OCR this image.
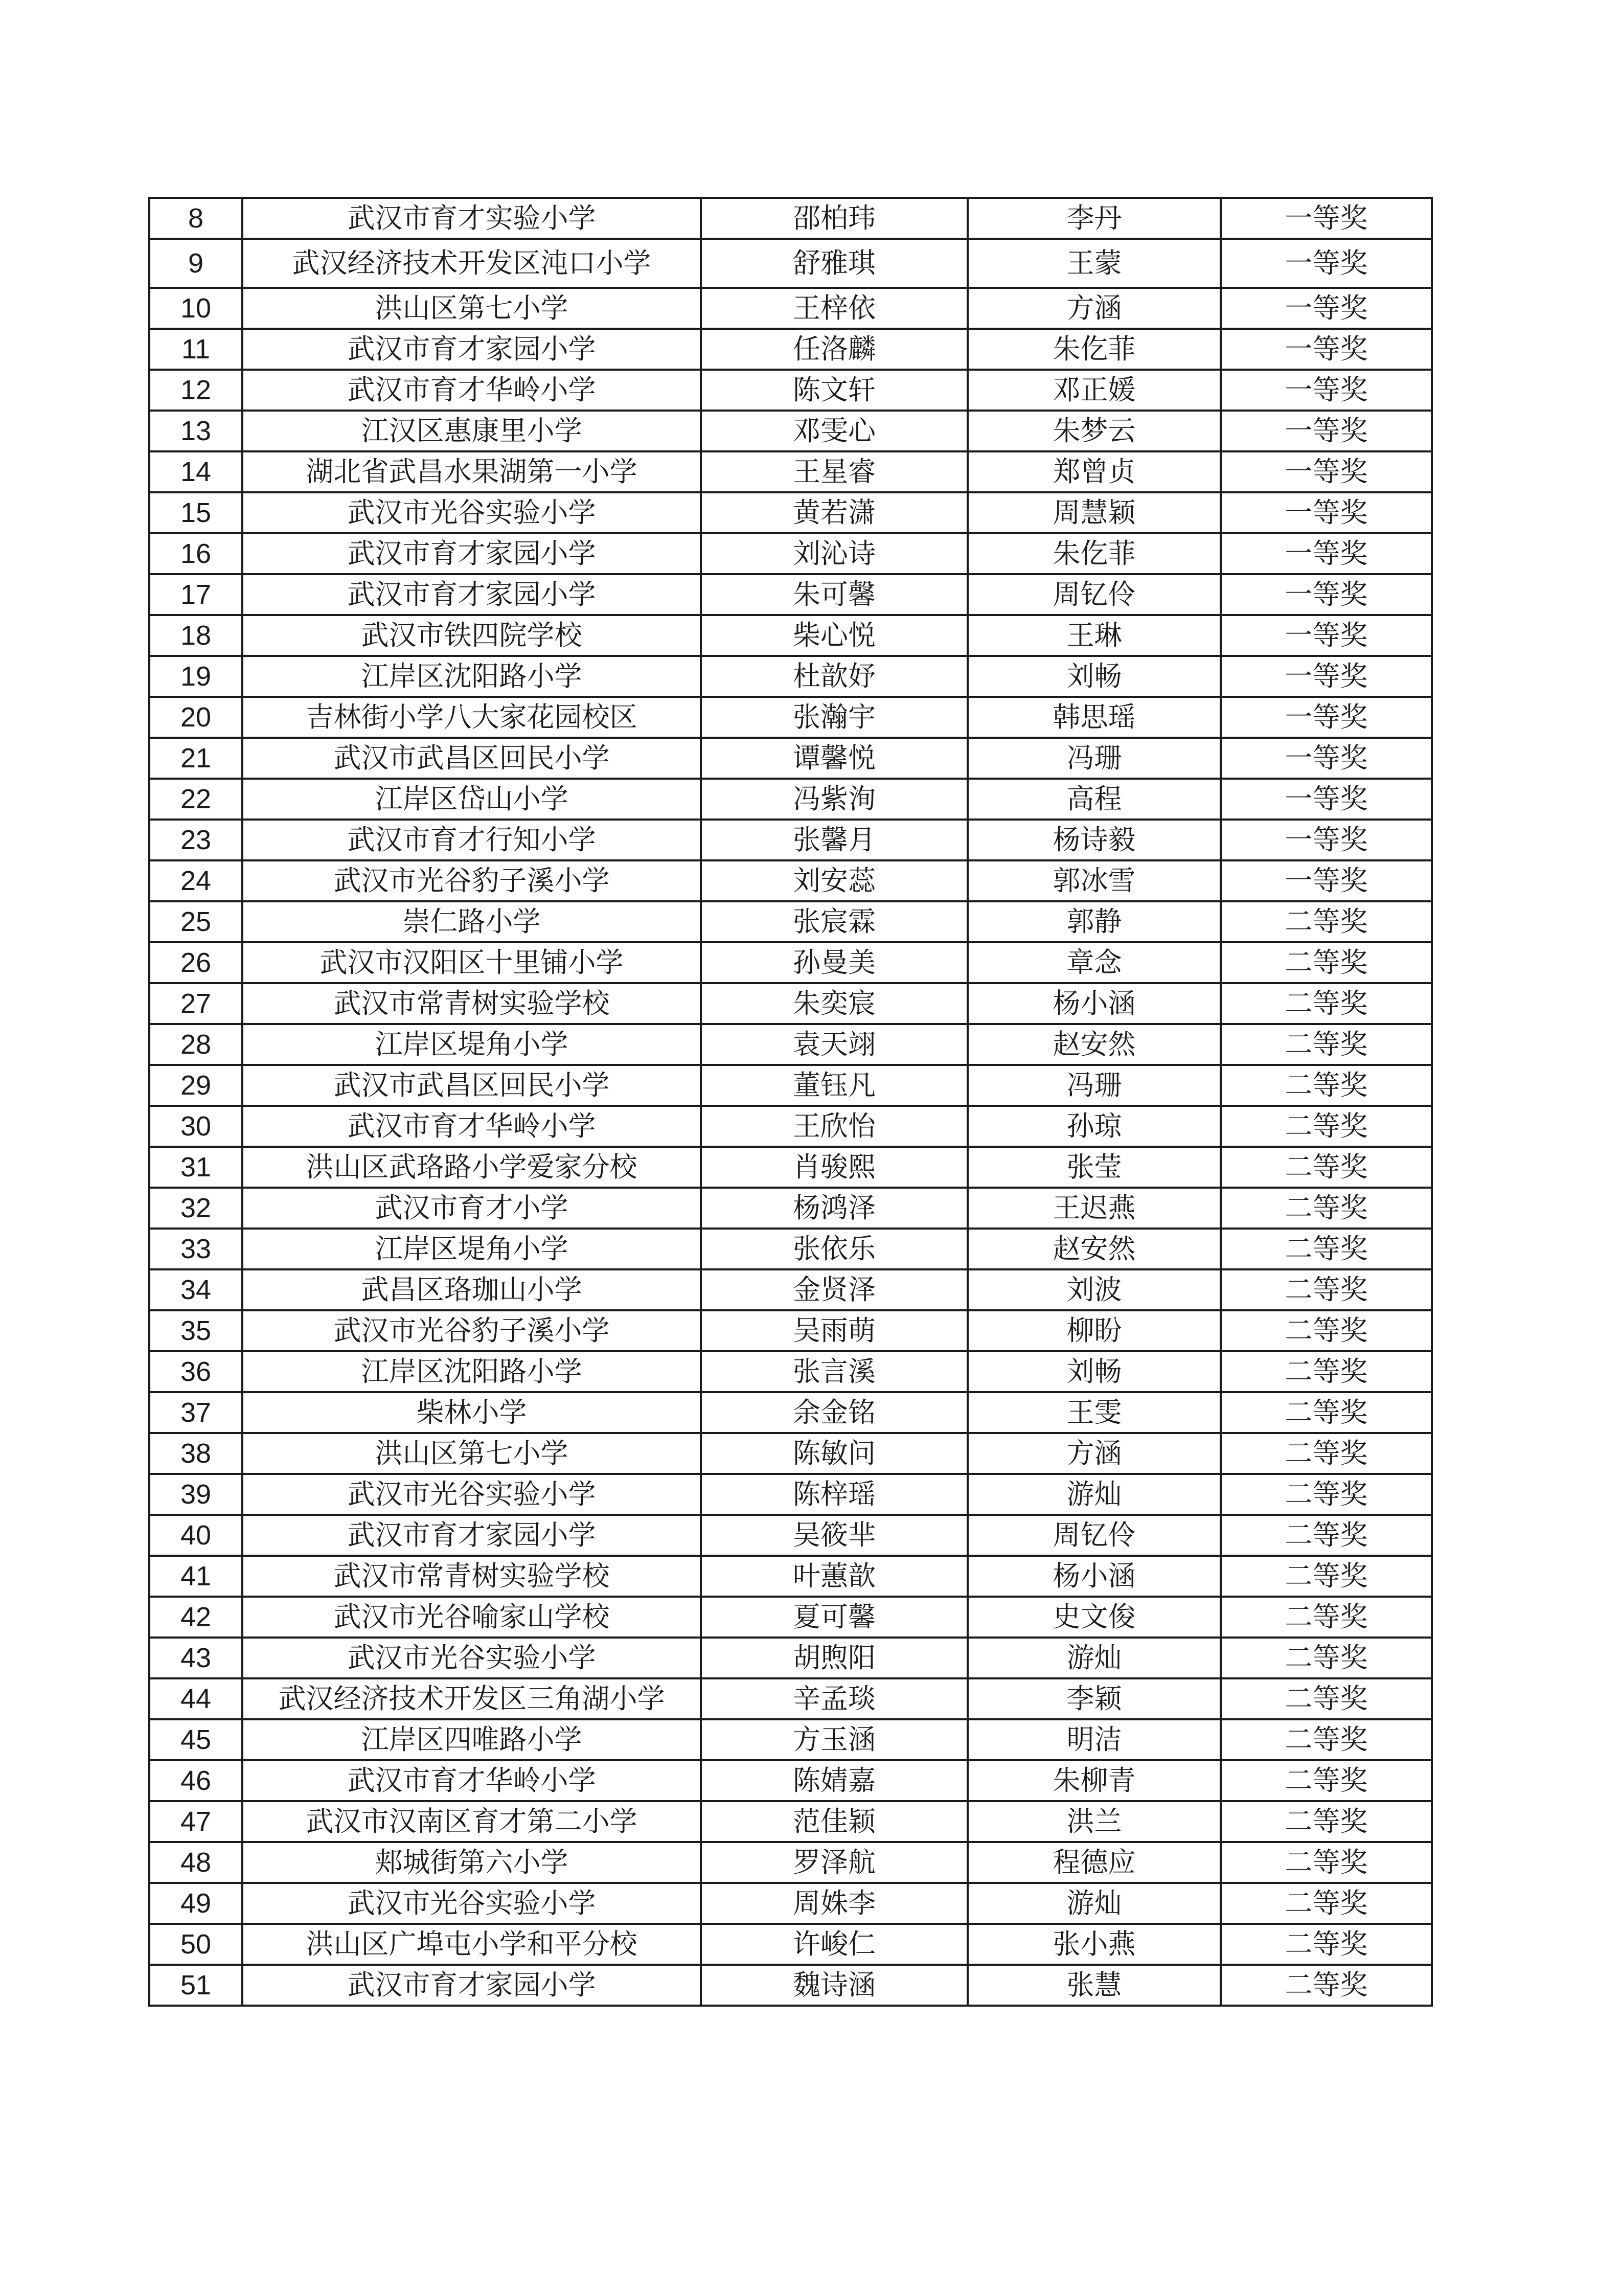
8	武汉市育才实验小学	邵柏玮	李丹	一等奖
9	武汉经济技术开发区沌口小学	舒雅琪	王蒙	一等奖
10	洪山区第七小学	王梓依	方涵	一等奖
11	武汉市育才家园小学	任洛麟	朱仡菲	一等奖
12	武汉市育才华岭小学	陈文轩	邓正媛	一等奖
13	江汉区惠康里小学	邓雯心	朱梦云	一等奖
14	湖北省武昌水果湖第一小学	王星睿	郑曾贞	一等奖
15	武汉市光谷实验小学	黄若潇	周慧颖	一等奖
16	武汉市育才家园小学	刘沁诗	朱仡菲	一等奖
17	武汉市育才家园小学	朱可馨	周钇伶	一等奖
18	武汉市铁四院学校	柴心悦	王琳	一等奖
19	江岸区沈阳路小学	杜歆妤	刘畅	一等奖
20	吉林街小学八大家花园校区	张瀚宇	韩思瑶	一等奖
21	武汉市武昌区回民小学	谭馨悦	冯珊	一等奖
22	江岸区岱山小学	冯紫洵	高程	一等奖
23	武汉市育才行知小学	张馨月	杨诗毅	一等奖
24	武汉市光谷豹子溪小学	刘安蕊	郭冰雪	一等奖
25	崇仁路小学	张宸霖	郭静	二等奖
26	武汉市汉阳区十里铺小学	孙曼美	章念	二等奖
27	武汉市常青树实验学校	朱奕宸	杨小涵	二等奖
28	江岸区堤角小学	袁天翊	赵安然	二等奖
29	武汉市武昌区回民小学	董钰凡	冯珊	二等奖
30	武汉市育才华岭小学	王欣怡	孙琼	二等奖
31	洪山区武珞路小学爱家分校	肖骏熙	张莹	二等奖
32	武汉市育才小学	杨鸿泽	王迟燕	二等奖
33	江岸区堤角小学	张依乐	赵安然	二等奖
34	武昌区珞珈山小学	金贤泽	刘波	二等奖
35	武汉市光谷豹子溪小学	吴雨萌	柳盼	二等奖
36	江岸区沈阳路小学	张言溪	刘畅	二等奖
37	柴林小学	余金铭	王雯	二等奖
38	洪山区第七小学	陈敏问	方涵	二等奖
39	武汉市光谷实验小学	陈梓瑶	游灿	二等奖
40	武汉市育才家园小学	吴筱芈	周钇伶	二等奖
41	武汉市常青树实验学校	叶蕙歆	杨小涵	二等奖
42	武汉市光谷喻家山学校	夏可馨	史文俊	二等奖
43	武汉市光谷实验小学	胡煦阳	游灿	二等奖
44	武汉经济技术开发区三角湖小学	辛孟琰	李颖	二等奖
45	江岸区四唯路小学	方玉涵	明洁	二等奖
46	武汉市育才华岭小学	陈婧嘉	朱柳青	二等奖
47	武汉市汉南区育才第二小学	范佳颖	洪兰	二等奖
48	郏城街第六小学	罗泽航	程德应	二等奖
49	武汉市光谷实验小学	周姝李	游灿	二等奖
50	洪山区广埠屯小学和平分校	许峻仁	张小燕	二等奖
51	武汉市育才家园小学	魏诗涵	张慧	二等奖
